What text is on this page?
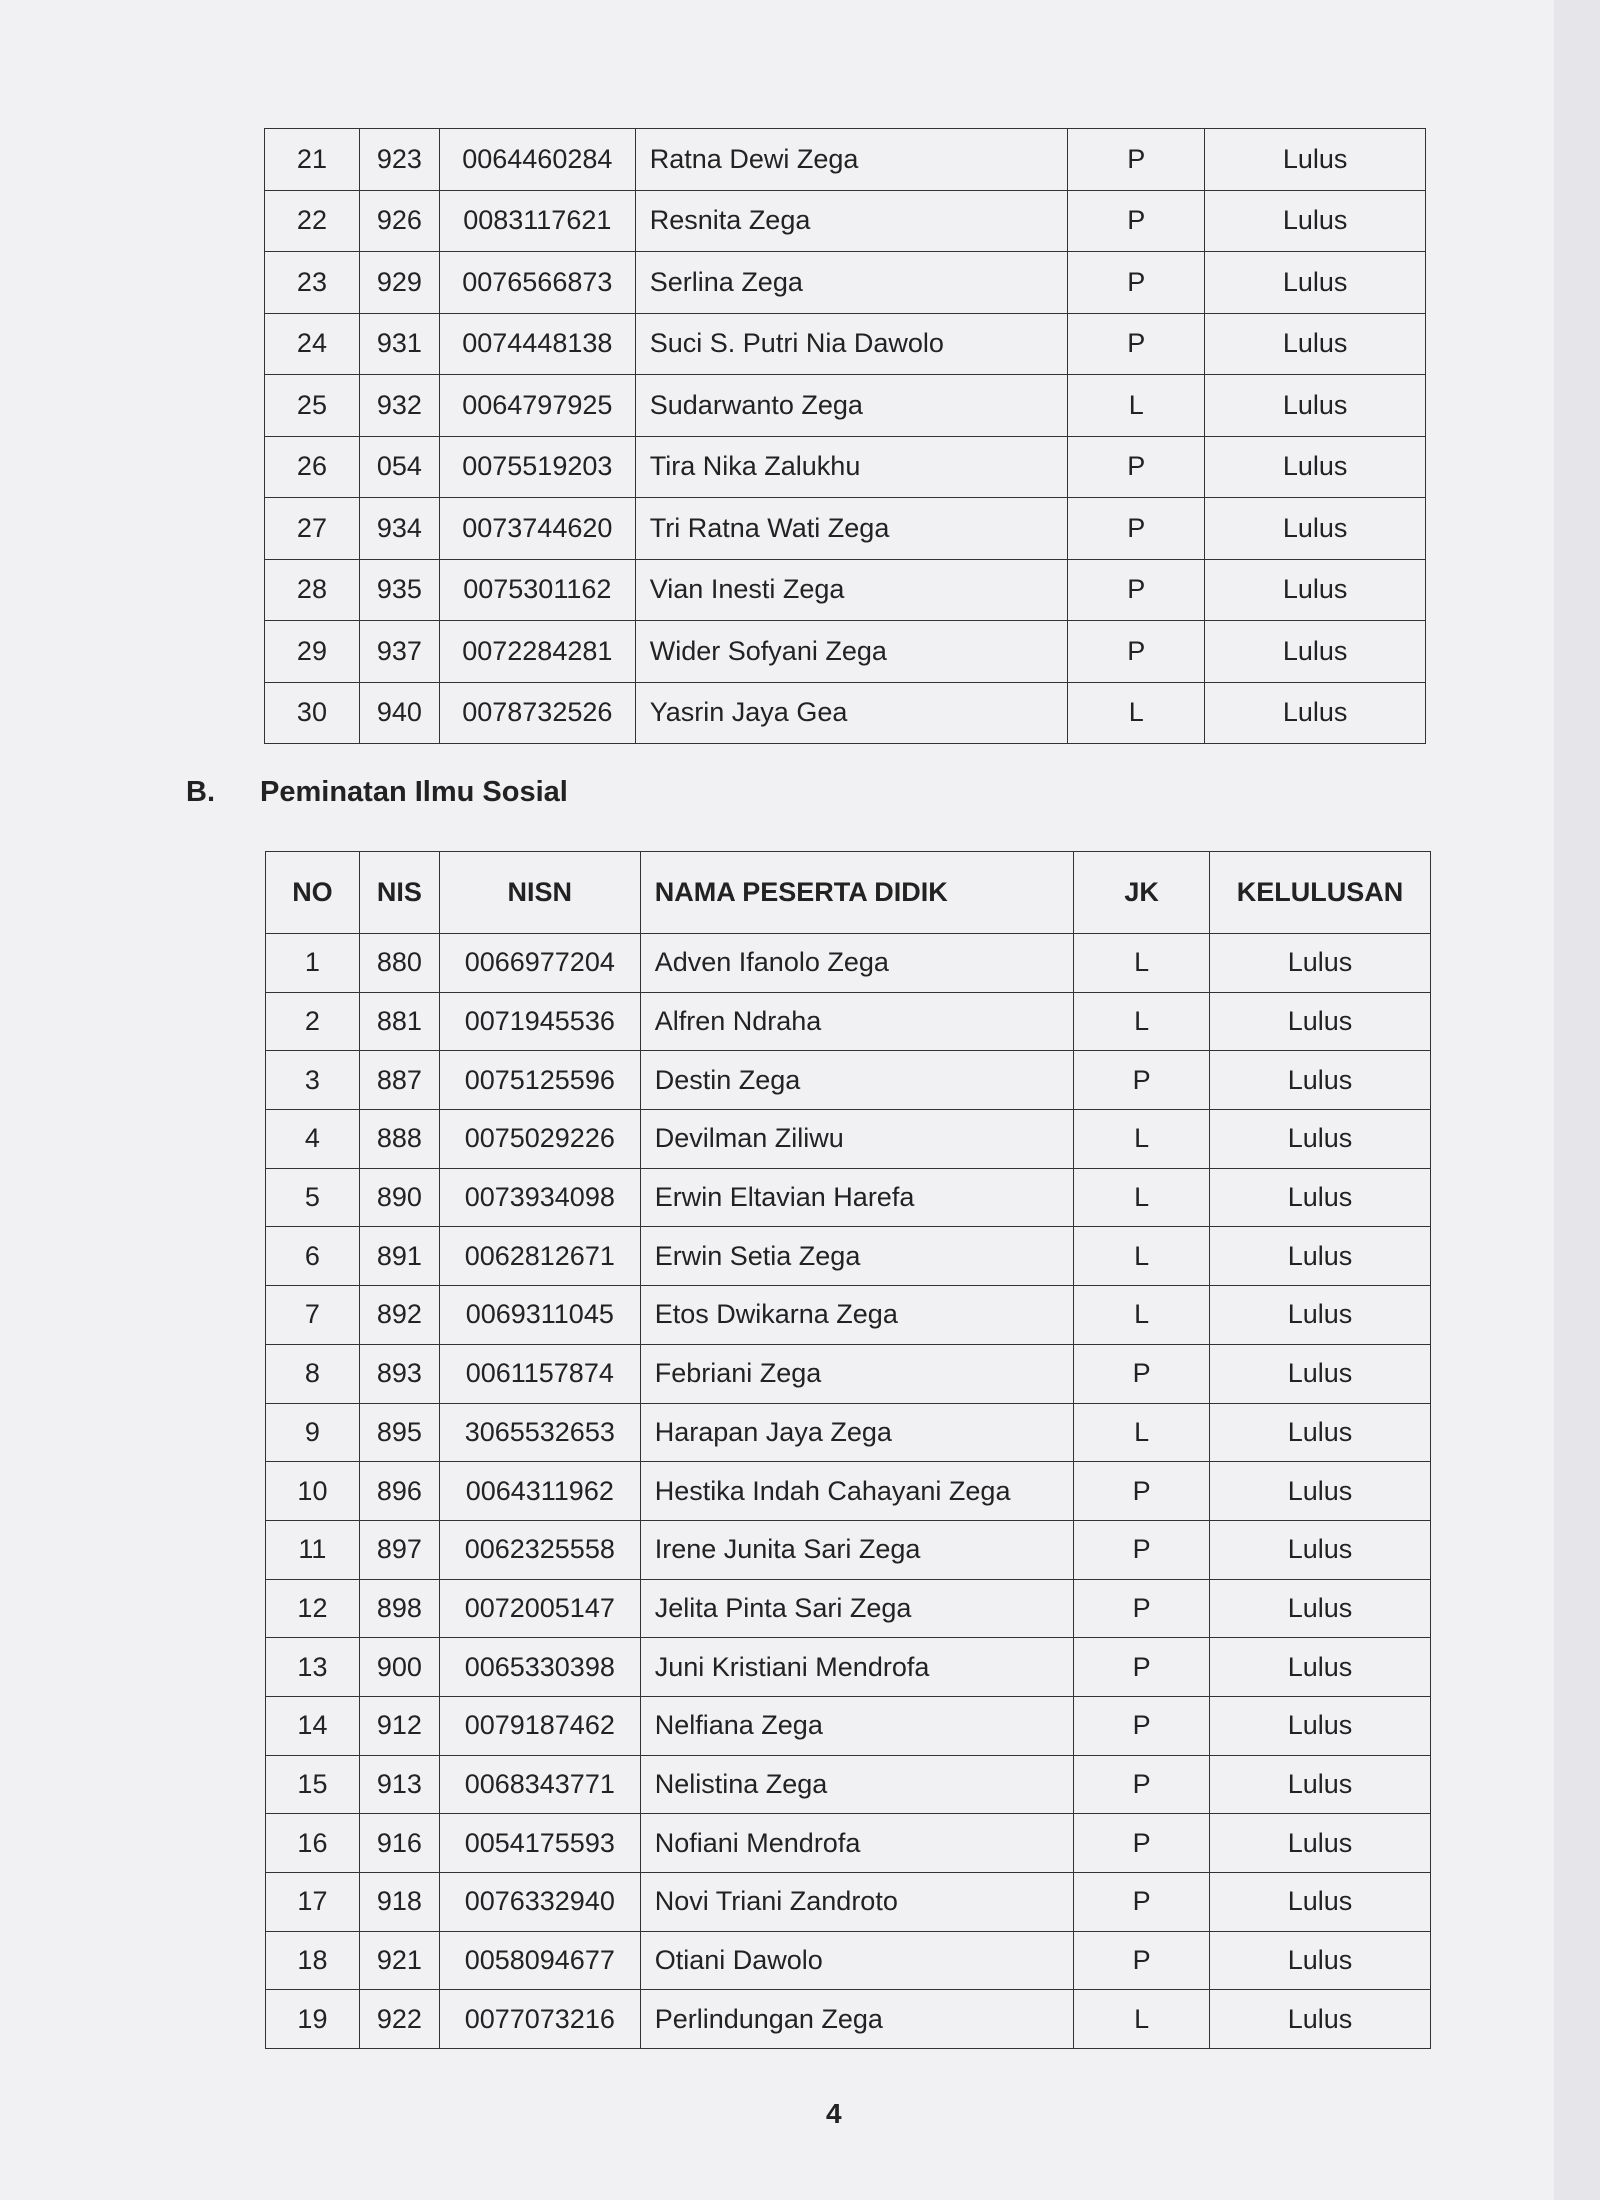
21	923	0064460284	Ratna Dewi Zega	P	Lulus
22	926	0083117621	Resnita Zega	P	Lulus
23	929	0076566873	Serlina Zega	P	Lulus
24	931	0074448138	Suci S. Putri Nia Dawolo	P	Lulus
25	932	0064797925	Sudarwanto Zega	L	Lulus
26	054	0075519203	Tira Nika Zalukhu	P	Lulus
27	934	0073744620	Tri Ratna Wati Zega	P	Lulus
28	935	0075301162	Vian Inesti Zega	P	Lulus
29	937	0072284281	Wider Sofyani Zega	P	Lulus
30	940	0078732526	Yasrin Jaya Gea	L	Lulus
B. Peminatan Ilmu Sosial
NO	NIS	NISN	NAMA PESERTA DIDIK	JK	KELULUSAN
1	880	0066977204	Adven Ifanolo Zega	L	Lulus
2	881	0071945536	Alfren Ndraha	L	Lulus
3	887	0075125596	Destin Zega	P	Lulus
4	888	0075029226	Devilman Ziliwu	L	Lulus
5	890	0073934098	Erwin Eltavian Harefa	L	Lulus
6	891	0062812671	Erwin Setia Zega	L	Lulus
7	892	0069311045	Etos Dwikarna Zega	L	Lulus
8	893	0061157874	Febriani Zega	P	Lulus
9	895	3065532653	Harapan Jaya Zega	L	Lulus
10	896	0064311962	Hestika Indah Cahayani Zega	P	Lulus
11	897	0062325558	Irene Junita Sari Zega	P	Lulus
12	898	0072005147	Jelita Pinta Sari Zega	P	Lulus
13	900	0065330398	Juni Kristiani Mendrofa	P	Lulus
14	912	0079187462	Nelfiana Zega	P	Lulus
15	913	0068343771	Nelistina Zega	P	Lulus
16	916	0054175593	Nofiani Mendrofa	P	Lulus
17	918	0076332940	Novi Triani Zandroto	P	Lulus
18	921	0058094677	Otiani Dawolo	P	Lulus
19	922	0077073216	Perlindungan Zega	L	Lulus
4
